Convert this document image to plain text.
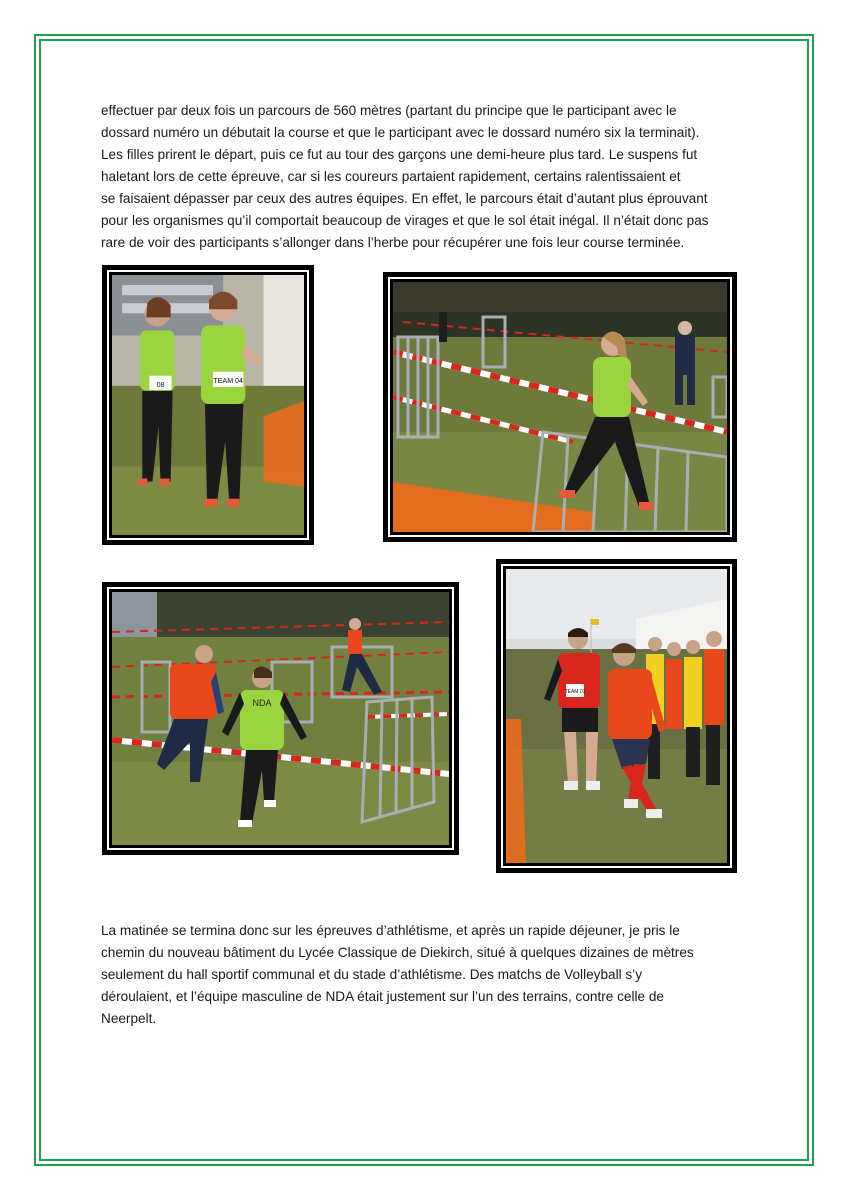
effectuer par deux fois un parcours de 560 mètres (partant du principe que le participant avec le
dossard numéro un débutait la course et que le participant avec le dossard numéro six la terminait).
Les filles prirent le départ, puis ce fut au tour des garçons une demi-heure plus tard. Le suspens fut
haletant lors de cette épreuve, car si les coureurs partaient rapidement, certains ralentissaient et
se faisaient dépasser par ceux des autres équipes. En effet, le parcours était d’autant plus éprouvant
pour les organismes qu’il comportait beaucoup de virages et que le sol était inégal. Il n’était donc pas
rare de voir des participants s’allonger dans l’herbe pour récupérer une fois leur course terminée.
08
TEAM 04
NDA
TEAM 01
La matinée se termina donc sur les épreuves d’athlétisme, et après un rapide déjeuner, je pris le
chemin du nouveau bâtiment du Lycée Classique de Diekirch, situé à quelques dizaines de mètres
seulement du hall sportif communal et du stade d’athlétisme. Des matchs de Volleyball s’y
déroulaient, et l’équipe masculine de NDA était justement sur l’un des terrains, contre celle de
Neerpelt.
